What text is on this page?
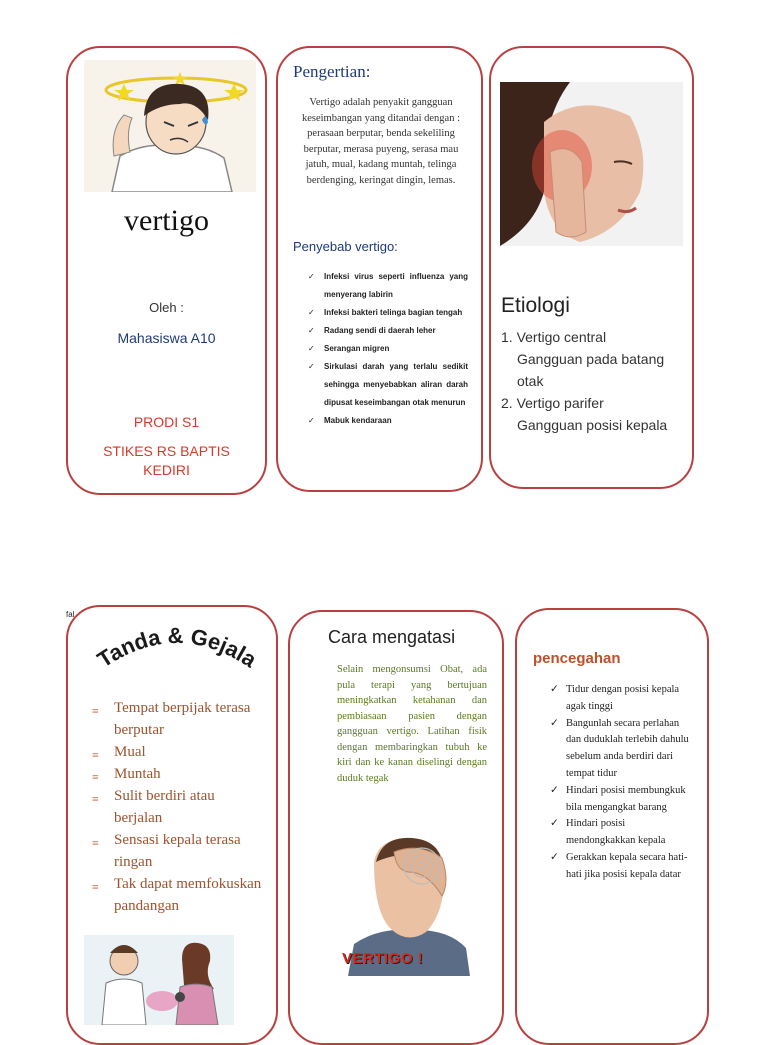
vertigo
Oleh :
Mahasiswa A10
PRODI S1
STIKES RS BAPTIS KEDIRI
Pengertian:
Vertigo adalah penyakit gangguan keseimbangan yang ditandai dengan : perasaan berputar, benda sekeliling berputar, merasa puyeng, serasa mau jatuh, mual, kadang muntah, telinga berdenging, keringat dingin, lemas.
Penyebab vertigo:
✓ Infeksi virus seperti influenza yang menyerang labirin
✓ Infeksi bakteri telinga bagian tengah
✓ Radang sendi di daerah leher
✓ Serangan migren
✓ Sirkulasi darah yang terlalu sedikit sehingga menyebabkan aliran darah dipusat keseimbangan otak menurun
✓ Mabuk kendaraan
Etiologi
1. Vertigo central
Gangguan pada batang otak
2. Vertigo parifer
Gangguan posisi kepala
fal
Tanda & Gejala
≡ Tempat berpijak terasa berputar
≡ Mual
≡ Muntah
≡ Sulit berdiri atau berjalan
≡ Sensasi kepala terasa ringan
≡ Tak dapat memfokuskan pandangan
Cara mengatasi
Selain mengonsumsi Obat, ada pula terapi yang bertujuan meningkatkan ketahanan dan pembiasaan pasien dengan gangguan vertigo. Latihan fisik dengan membaringkan tubuh ke kiri dan ke kanan diselingi dengan duduk tegak
VERTIGO !
pencegahan
✓ Tidur dengan posisi kepala agak tinggi
✓ Bangunlah secara perlahan dan duduklah terlebih dahulu sebelum anda berdiri dari tempat tidur
✓ Hindari posisi membungkuk bila mengangkat barang
✓ Hindari posisi mendongkakkan kepala
✓ Gerakkan kepala secara hati-hati jika posisi kepala datar
